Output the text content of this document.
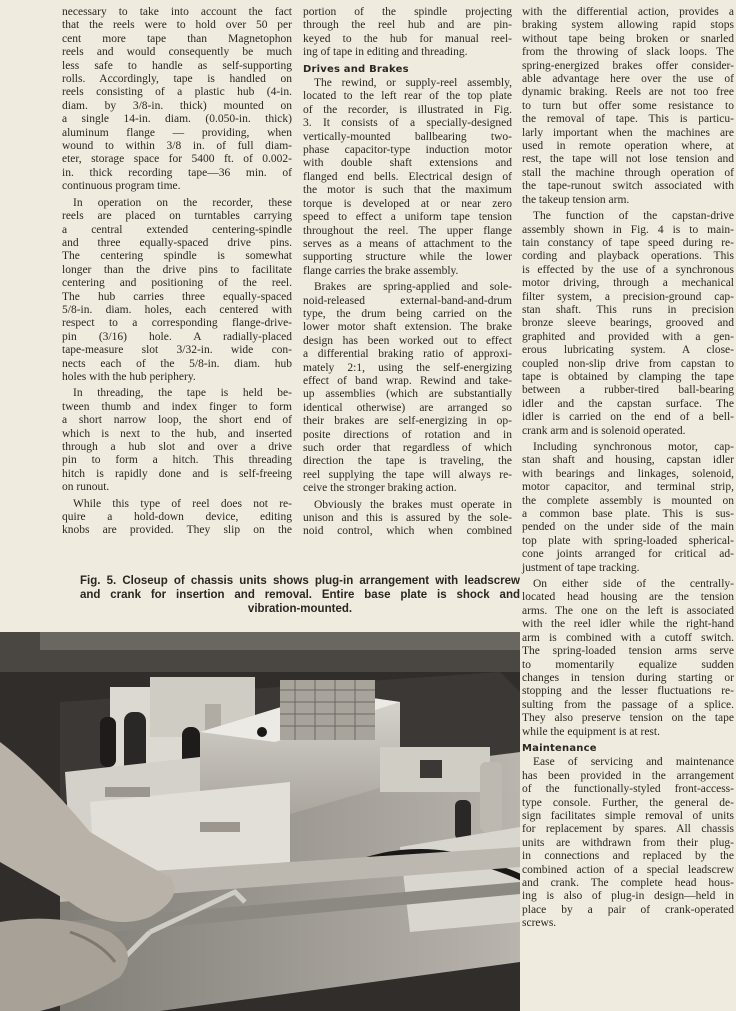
necessary to take into account the fact
that the reels were to hold over 50 per
cent more tape than Magnetophon
reels and would consequently be much
less safe to handle as self-supporting
rolls. Accordingly, tape is handled on
reels consisting of a plastic hub (4-in.
diam. by 3/8-in. thick) mounted on
a single 14-in. diam. (0.050-in. thick)
aluminum flange — providing, when
wound to within 3/8 in. of full diam-
eter, storage space for 5400 ft. of 0.002-
in. thick recording tape—36 min. of
continuous program time.
In operation on the recorder, these
reels are placed on turntables carrying
a central extended centering-spindle
and three equally-spaced drive pins.
The centering spindle is somewhat
longer than the drive pins to facilitate
centering and positioning of the reel.
The hub carries three equally-spaced
5/8-in. diam. holes, each centered with
respect to a corresponding flange-drive-
pin (3/16) hole. A radially-placed
tape-measure slot 3/32-in. wide con-
nects each of the 5/8-in. diam. hub
holes with the hub periphery.
In threading, the tape is held be-
tween thumb and index finger to form
a short narrow loop, the short end of
which is next to the hub, and inserted
through a hub slot and over a drive
pin to form a hitch. This threading
hitch is rapidly done and is self-freeing
on runout.
While this type of reel does not re-
quire a hold-down device, editing
knobs are provided. They slip on the
portion of the spindle projecting
through the reel hub and are pin-
keyed to the hub for manual reel-
ing of tape in editing and threading.
Drives and Brakes
The rewind, or supply-reel assembly,
located to the left rear of the top plate
of the recorder, is illustrated in Fig.
3. It consists of a specially-designed
vertically-mounted ballbearing two-
phase capacitor-type induction motor
with double shaft extensions and
flanged end bells. Electrical design of
the motor is such that the maximum
torque is developed at or near zero
speed to effect a uniform tape tension
throughout the reel. The upper flange
serves as a means of attachment to the
supporting structure while the lower
flange carries the brake assembly.
Brakes are spring-applied and sole-
noid-released external-band-and-drum
type, the drum being carried on the
lower motor shaft extension. The brake
design has been worked out to effect
a differential braking ratio of approxi-
mately 2:1, using the self-energizing
effect of band wrap. Rewind and take-
up assemblies (which are substantially
identical otherwise) are arranged so
their brakes are self-energizing in op-
posite directions of rotation and in
such order that regardless of which
direction the tape is traveling, the
reel supplying the tape will always re-
ceive the stronger braking action.
Obviously the brakes must operate in
unison and this is assured by the sole-
noid control, which when combined
with the differential action, provides a
braking system allowing rapid stops
without tape being broken or snarled
from the throwing of slack loops. The
spring-energized brakes offer consider-
able advantage here over the use of
dynamic braking. Reels are not too free
to turn but offer some resistance to
the removal of tape. This is particu-
larly important when the machines are
used in remote operation where, at
rest, the tape will not lose tension and
stall the machine through operation of
the tape-runout switch associated with
the takeup tension arm.
The function of the capstan-drive
assembly shown in Fig. 4 is to main-
tain constancy of tape speed during re-
cording and playback operations. This
is effected by the use of a synchronous
motor driving, through a mechanical
filter system, a precision-ground cap-
stan shaft. This runs in precision
bronze sleeve bearings, grooved and
graphited and provided with a gen-
erous lubricating system. A close-
coupled non-slip drive from capstan to
tape is obtained by clamping the tape
between a rubber-tired ball-bearing
idler and the capstan surface. The
idler is carried on the end of a bell-
crank arm and is solenoid operated.
Including synchronous motor, cap-
stan shaft and housing, capstan idler
with bearings and linkages, solenoid,
motor capacitor, and terminal strip,
the complete assembly is mounted on
a common base plate. This is sus-
pended on the under side of the main
top plate with spring-loaded spherical-
cone joints arranged for critical ad-
justment of tape tracking.
On either side of the centrally-
located head housing are the tension
arms. The one on the left is associated
with the reel idler while the right-hand
arm is combined with a cutoff switch.
The spring-loaded tension arms serve
to momentarily equalize sudden
changes in tension during starting or
stopping and the lesser fluctuations re-
sulting from the passage of a splice.
They also preserve tension on the tape
while the equipment is at rest.
Maintenance
Ease of servicing and maintenance
has been provided in the arrangement
of the functionally-styled front-access-
type console. Further, the general de-
sign facilitates simple removal of units
for replacement by spares. All chassis
units are withdrawn from their plug-
in connections and replaced by the
combined action of a special leadscrew
and crank. The complete head hous-
ing is also of plug-in design—held in
place by a pair of crank-operated
screws.
Fig. 5. Closeup of chassis units shows plug-in arrangement with leadscrew
and crank for insertion and removal. Entire base plate is shock and
vibration-mounted.
